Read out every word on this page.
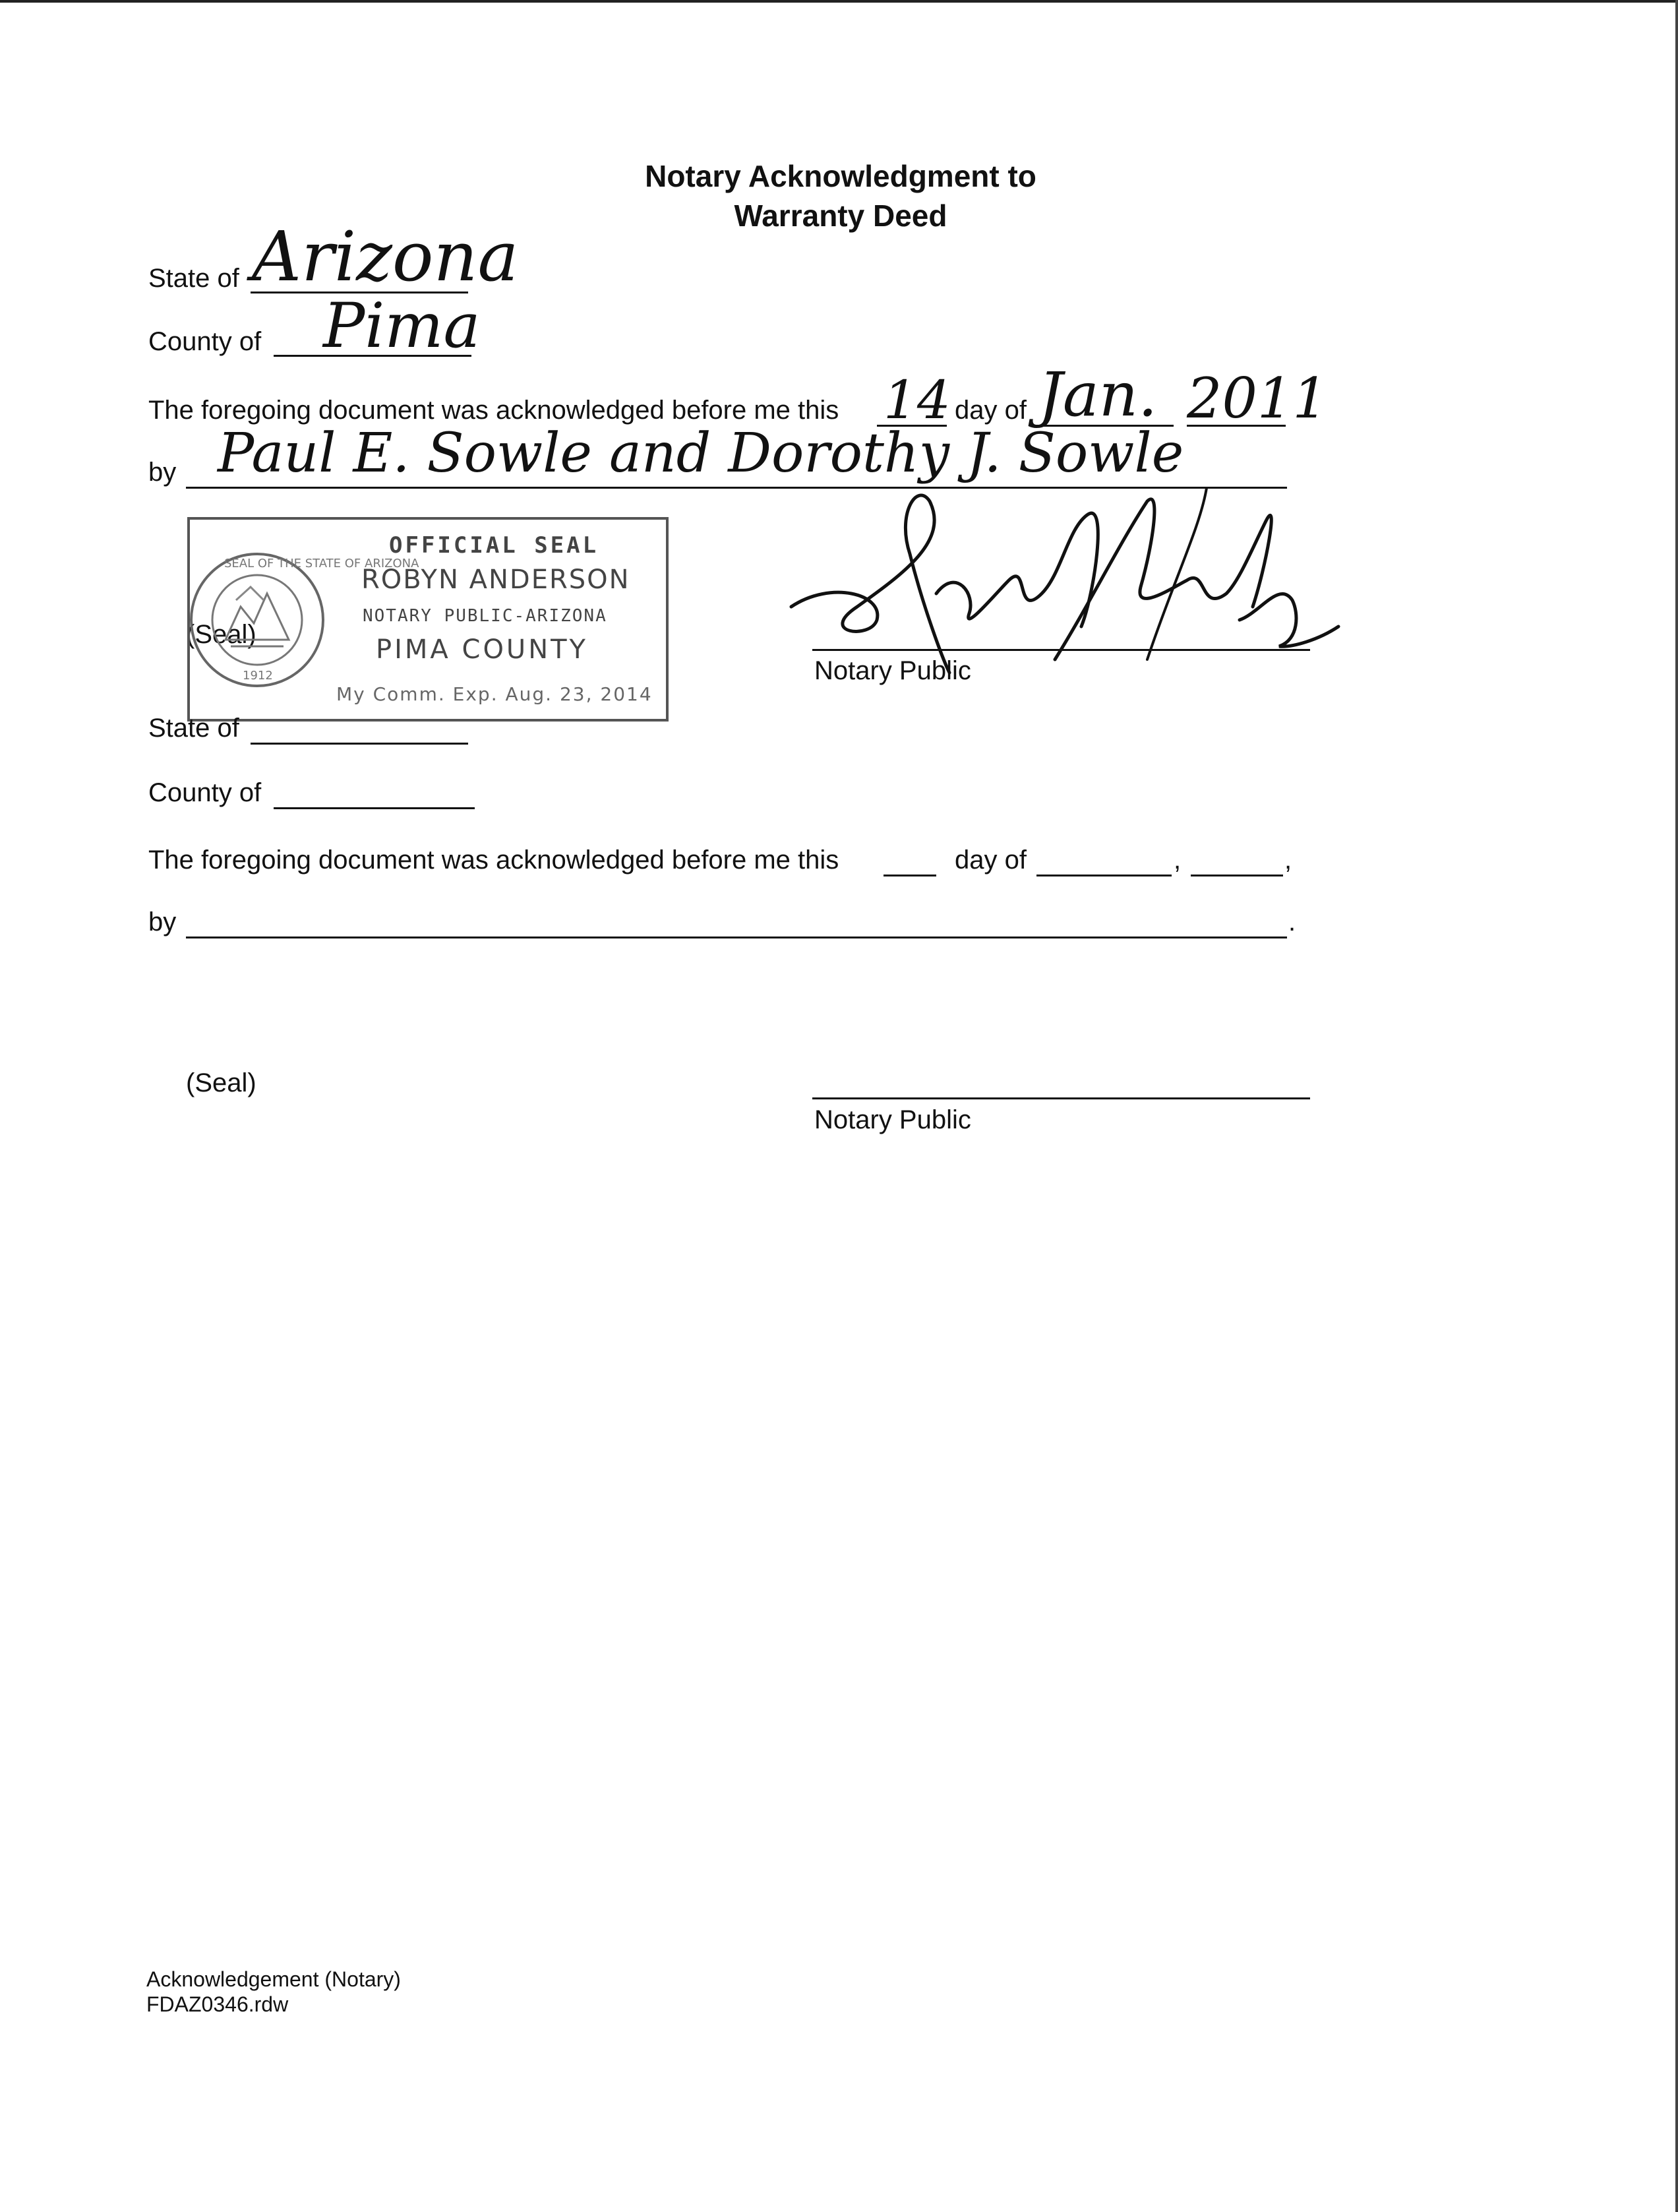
Notary Acknowledgment to
Warranty Deed
State of Arizona
County of Pima
The foregoing document was acknowledged before me this 14 day of Jan. 2011
by Paul E. Sowle and Dorothy J. Sowle
(Seal)
Notary Public
SEAL OF THE STATE OF ARIZONA
1912
OFFICIAL SEAL
ROBYN ANDERSON
NOTARY PUBLIC-ARIZONA
PIMA COUNTY
My Comm. Exp. Aug. 23, 2014
State of
County of
The foregoing document was acknowledged before me this	day of	,	,
by	.
(Seal)
Notary Public
Acknowledgement (Notary)
FDAZ0346.rdw
